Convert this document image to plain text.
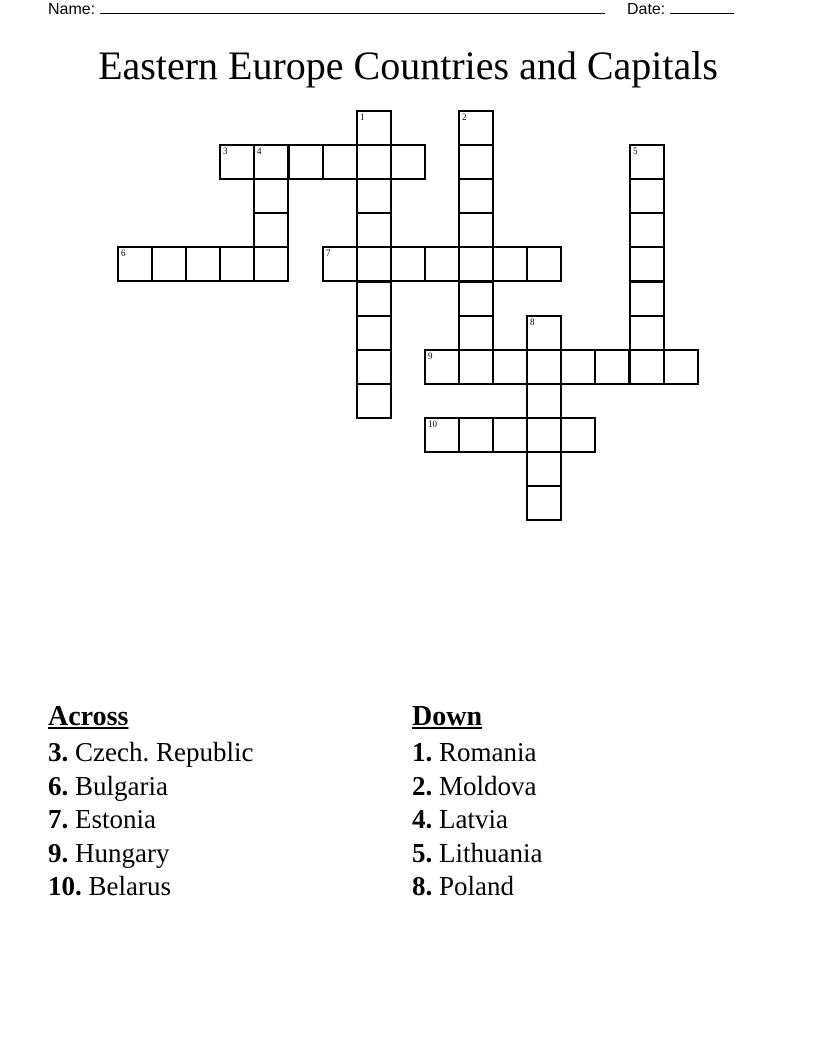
Name:	Date:
Eastern Europe Countries and Capitals
1	2
3	4	5
6	7
8
9
10
Across
3. Czech. Republic
6. Bulgaria
7. Estonia
9. Hungary
10. Belarus
Down
1. Romania
2. Moldova
4. Latvia
5. Lithuania
8. Poland
